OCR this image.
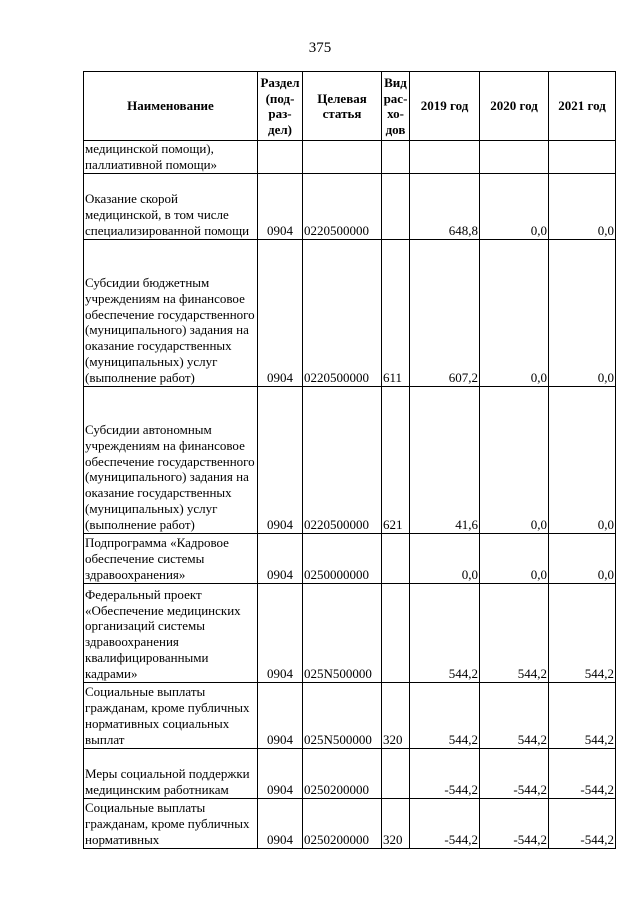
375
Наименование	Раздел (под- раз- дел)	Целевая статья	Вид рас- хо- дов	2019 год	2020 год	2021 год
медицинской помощи), паллиативной помощи»						
Оказание скорой медицинской, в том числе специализированной помощи	0904	0220500000		648,8	0,0	0,0
Субсидии бюджетным учреждениям на финансовое обеспечение государственного (муниципального) задания на оказание государственных (муниципальных) услуг (выполнение работ)	0904	0220500000	611	607,2	0,0	0,0
Субсидии автономным учреждениям на финансовое обеспечение государственного (муниципального) задания на оказание государственных (муниципальных) услуг (выполнение работ)	0904	0220500000	621	41,6	0,0	0,0
Подпрограмма «Кадровое обеспечение системы здравоохранения»	0904	0250000000		0,0	0,0	0,0
Федеральный проект «Обеспечение медицинских организаций системы здравоохранения квалифицированными кадрами»	0904	025N500000		544,2	544,2	544,2
Социальные выплаты гражданам, кроме публичных нормативных социальных выплат	0904	025N500000	320	544,2	544,2	544,2
Меры социальной поддержки медицинским работникам	0904	0250200000		-544,2	-544,2	-544,2
Социальные выплаты гражданам, кроме публичных нормативных	0904	0250200000	320	-544,2	-544,2	-544,2
